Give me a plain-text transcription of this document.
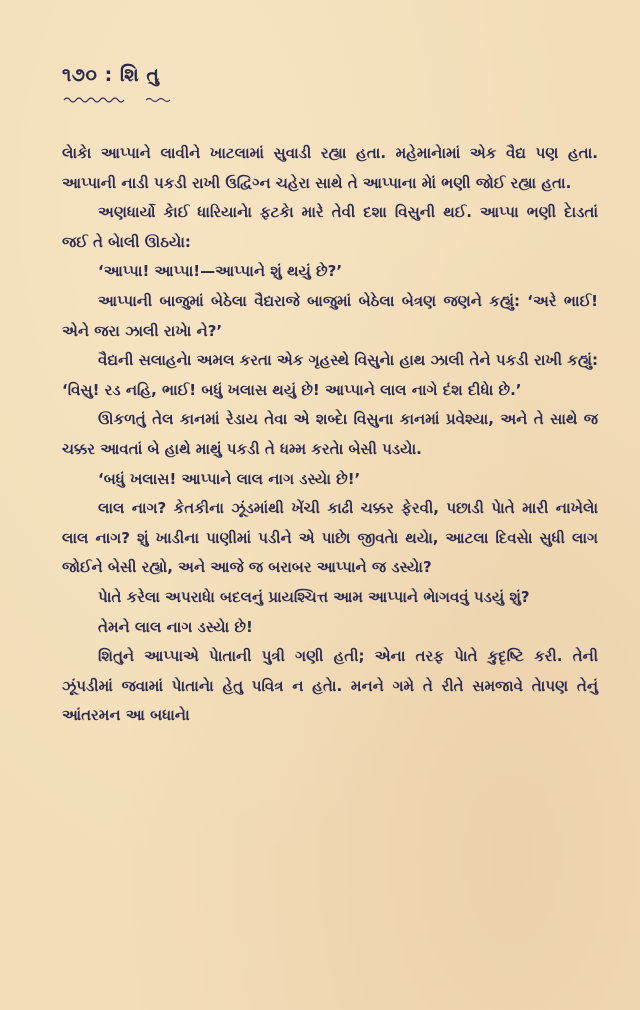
૧૭૦ : શિ તુ

લેાકેા આપ્પાને લાવીને ખાટલામાં સુવાડી રહ્યા હતા. મહેમાનેામાં એક વૈદ્ય પણ હતા. આપ્પાની નાડી પકડી રાખી ઉદ્વિગ્ન ચહેરા સાથે તે આપ્પાના મેાં ભણી જોઈ રહ્યા હતા.

અણધાર્યો કેાઈ ધારિયાનેા ફટકેા મારે તેવી દશા વિસુની થઈ. આપ્પા ભણી દેાડતાં જઈ તે બેાલી ઊઠયેા:

‘આપ્પા! આપ્પા!—આપ્પાને શું થયું છે?’

આપ્પાની બાજુમાં બેઠેલા વૈદ્યરાજે બાજુમાં બેઠેલા બેત્રણ જણને કહ્યું: ‘અરે ભાઈ! એને જરા ઝાલી રાખેા ને?’

વૈદ્યની સલાહનેા અમલ કરતા એક ગૃહસ્થે વિસુનેા હાથ ઝાલી તેને પકડી રાખી કહ્યું: ‘વિસુ! રડ નહિ, ભાઈ! બધું ખલાસ થયું છે! આપ્પાને લાલ નાગે દંશ દીધેા છે.’

ઊકળતું તેલ કાનમાં રેડાય તેવા એ શબ્દેા વિસુના કાનમાં પ્રવેશ્યા, અને તે સાથે જ ચક્કર આવતાં બે હાથે માથું પકડી તે ધમ્મ કરતેા બેસી પડયેા.

‘બધું ખલાસ! આપ્પાને લાલ નાગ ડસ્યેા છે!’

લાલ નાગ? કેતકીના ઝૂંડમાંથી ખેંચી કાઢી ચક્કર ફેરવી, પછાડી પેાતે મારી નાખેલેા લાલ નાગ? શું ખાડીના પાણીમાં પડીને એ પાછેા જીવતેા થયેા, આટલા દિવસેા સુધી લાગ જોઈને બેસી રહ્યો, અને આજે જ બરાબર આપ્પાને જ ડસ્યેા?

પેાતે કરેલા અપરાધેા બદલનું પ્રાયશ્ચિત્ત આમ આપ્પાને ભેાગવવું પડયું શું?

તેમને લાલ નાગ ડસ્યેા છે!

શિતુને આપ્પાએ પેાતાની પુત્રી ગણી હતી; એના તરફ પેાતે કુદૃષ્ટિ કરી. તેની ઝૂંપડીમાં જવામાં પેાતાનેા હેતુ પવિત્ર ન હતેા. મનને ગમે તે રીતે સમજાવે તેાપણ તેનું આંતરમન આ બધાનેા
